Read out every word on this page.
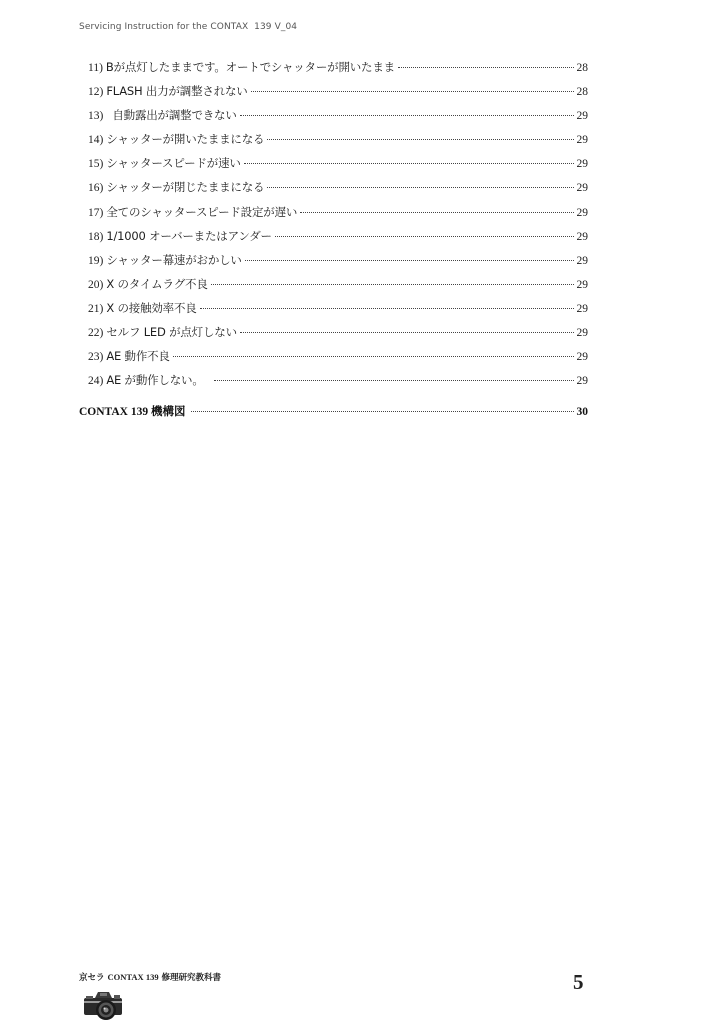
Servicing Instruction for the CONTAX  139 V_04
11) Bが点灯したままです。オートでシャッターが開いたまま	28
12) FLASH 出力が調整されない	28
13) 自動露出が調整できない	29
14) シャッターが開いたままになる	29
15) シャッタースピードが速い	29
16) シャッターが閉じたままになる	29
17) 全てのシャッタースピード設定が遅い	29
18) 1/1000 オーバーまたはアンダー	29
19) シャッター幕速がおかしい	29
20) X のタイムラグ不良	29
21) X の接触効率不良	29
22) セルフ LED が点灯しない	29
23) AE 動作不良	29
24) AE が動作しない。	29
CONTAX 139 機構図	30
京セラ CONTAX 139 修理研究教科書	5
